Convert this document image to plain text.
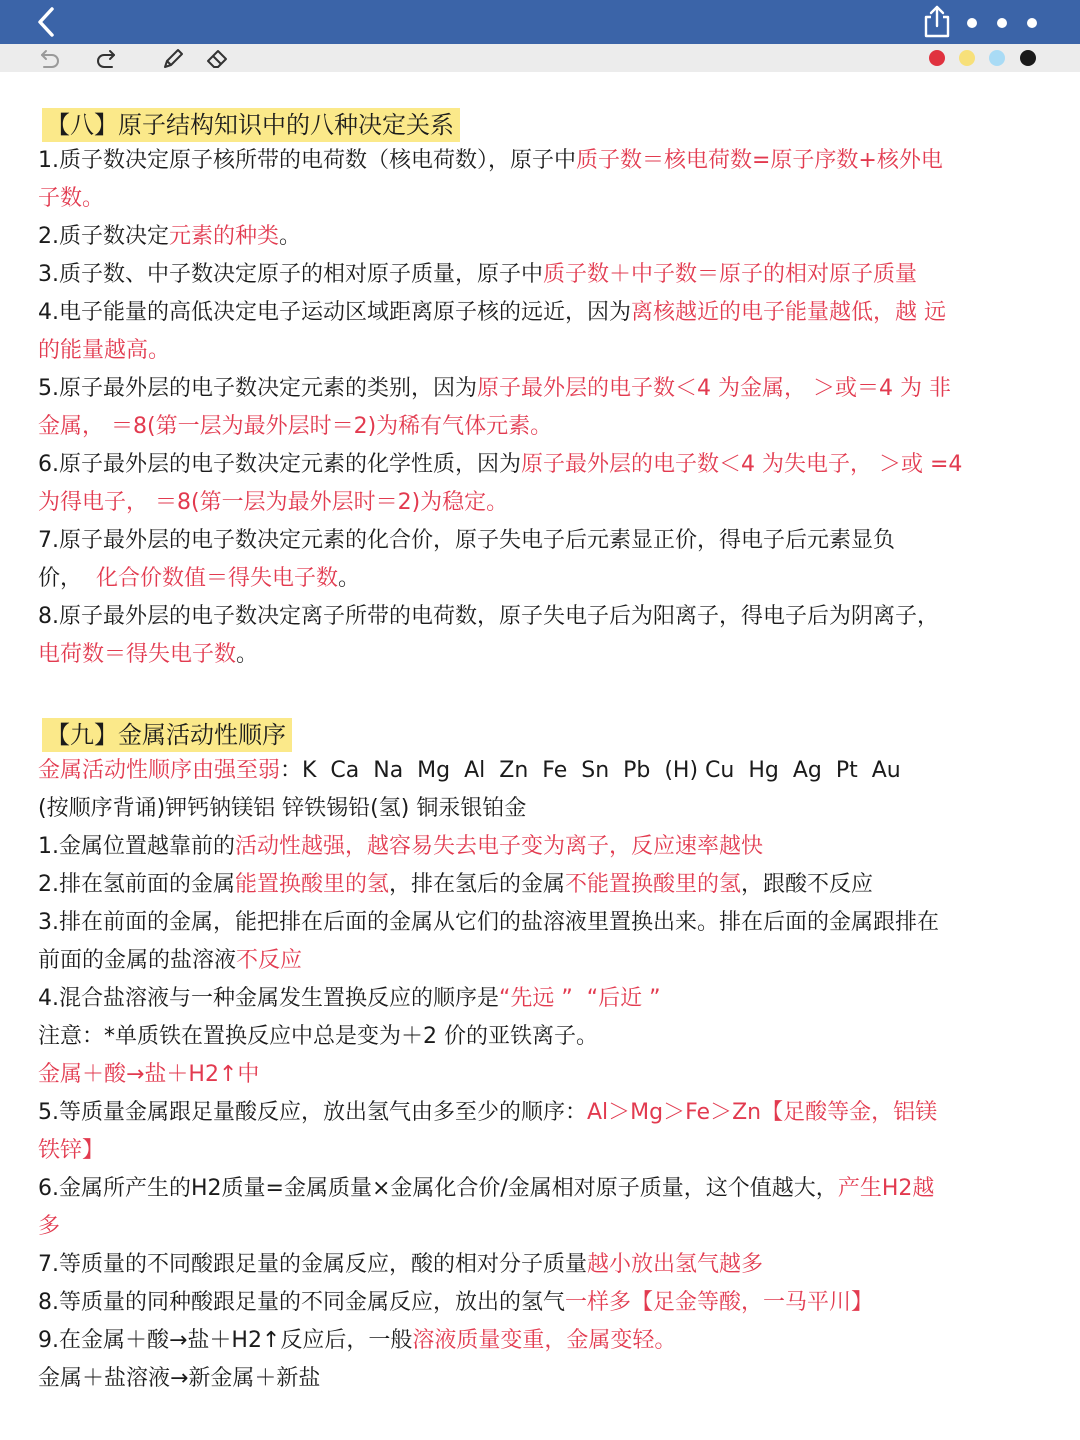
【八】原子结构知识中的八种决定关系
1.质子数决定原子核所带的电荷数（核电荷数），原子中质子数＝核电荷数=原子序数+核外电
子数。
2.质子数决定元素的种类。
3.质子数、中子数决定原子的相对原子质量，原子中质子数＋中子数＝原子的相对原子质量
4.电子能量的高低决定电子运动区域距离原子核的远近，因为离核越近的电子能量越低，越 远
的能量越高。
5.原子最外层的电子数决定元素的类别，因为原子最外层的电子数＜4 为金属， ＞或＝4 为 非
金属， ＝8(第一层为最外层时＝2)为稀有气体元素。
6.原子最外层的电子数决定元素的化学性质，因为原子最外层的电子数＜4 为失电子， ＞或 =4
为得电子， ＝8(第一层为最外层时＝2)为稳定。
7.原子最外层的电子数决定元素的化合价，原子失电子后元素显正价，得电子后元素显负
价，  化合价数值＝得失电子数。
8.原子最外层的电子数决定离子所带的电荷数，原子失电子后为阳离子，得电子后为阴离子，
电荷数＝得失电子数。
【九】金属活动性顺序
金属活动性顺序由强至弱：K  Ca  Na  Mg  Al  Zn  Fe  Sn  Pb  (H) Cu  Hg  Ag  Pt  Au
(按顺序背诵)钾钙钠镁铝 锌铁锡铅(氢) 铜汞银铂金
1.金属位置越靠前的活动性越强，越容易失去电子变为离子，反应速率越快
2.排在氢前面的金属能置换酸里的氢，排在氢后的金属不能置换酸里的氢，跟酸不反应
3.排在前面的金属，能把排在后面的金属从它们的盐溶液里置换出来。排在后面的金属跟排在
前面的金属的盐溶液不反应
4.混合盐溶液与一种金属发生置换反应的顺序是“先远 ”  “后近 ”
注意：*单质铁在置换反应中总是变为＋2 价的亚铁离子。
金属＋酸→盐＋H2↑中
5.等质量金属跟足量酸反应，放出氢气由多至少的顺序：Al＞Mg＞Fe＞Zn【足酸等金，铝镁
铁锌】
6.金属所产生的H2质量=金属质量×金属化合价/金属相对原子质量，这个值越大，产生H2越
多
7.等质量的不同酸跟足量的金属反应，酸的相对分子质量越小放出氢气越多
8.等质量的同种酸跟足量的不同金属反应，放出的氢气一样多【足金等酸，一马平川】
9.在金属＋酸→盐＋H2↑反应后，一般溶液质量变重，金属变轻。
金属＋盐溶液→新金属＋新盐
